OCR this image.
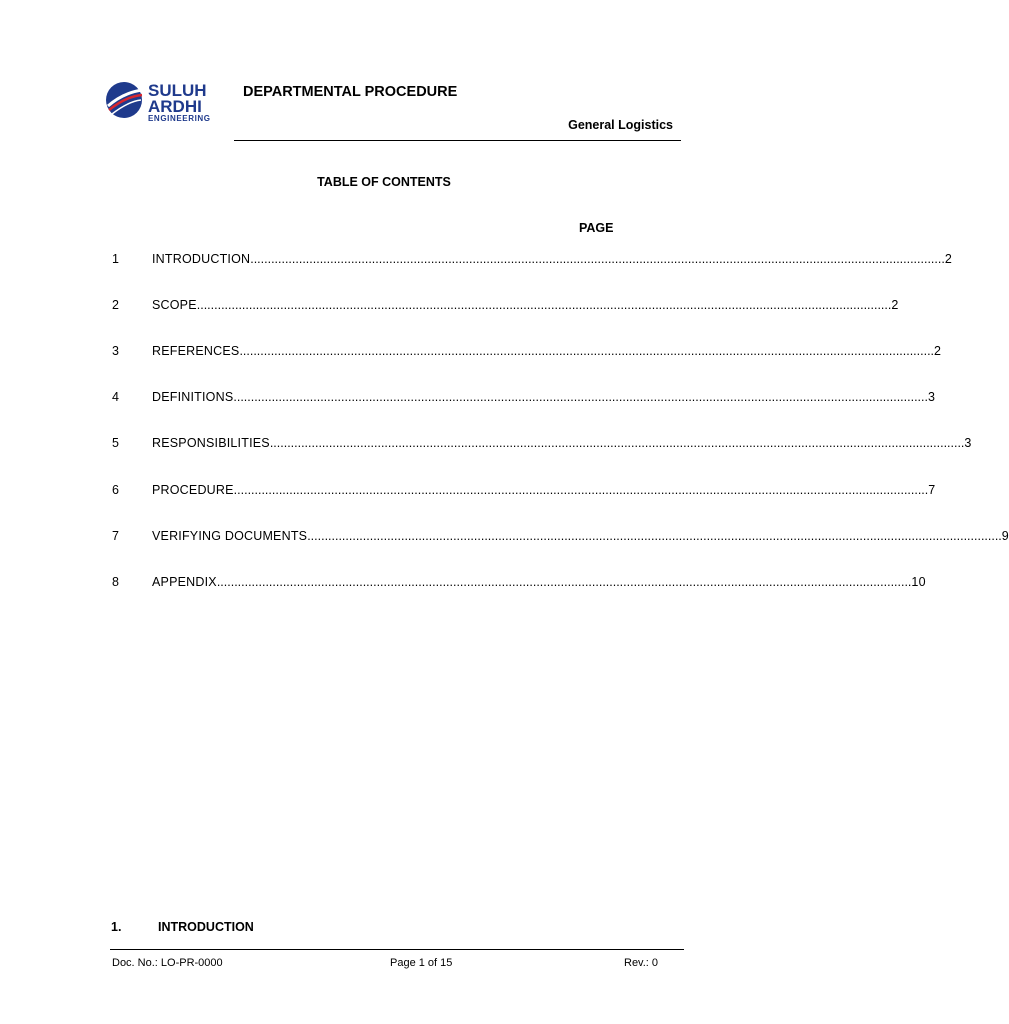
SULUH
ARDHI
ENGINEERING
DEPARTMENTAL PROCEDURE
General Logistics
TABLE OF CONTENTS
PAGE
1	INTRODUCTION ........................................................................................................................................................................................................ 2
2	SCOPE ........................................................................................................................................................................................................ 2
3	REFERENCES ........................................................................................................................................................................................................ 2
4	DEFINITIONS ........................................................................................................................................................................................................ 3
5	RESPONSIBILITIES ........................................................................................................................................................................................................ 3
6	PROCEDURE ........................................................................................................................................................................................................ 7
7	VERIFYING DOCUMENTS ........................................................................................................................................................................................................ 9
8	APPENDIX ........................................................................................................................................................................................................ 10
1.	INTRODUCTION
Doc. No.: LO-PR-0000	Page 1 of 15	Rev.: 0
